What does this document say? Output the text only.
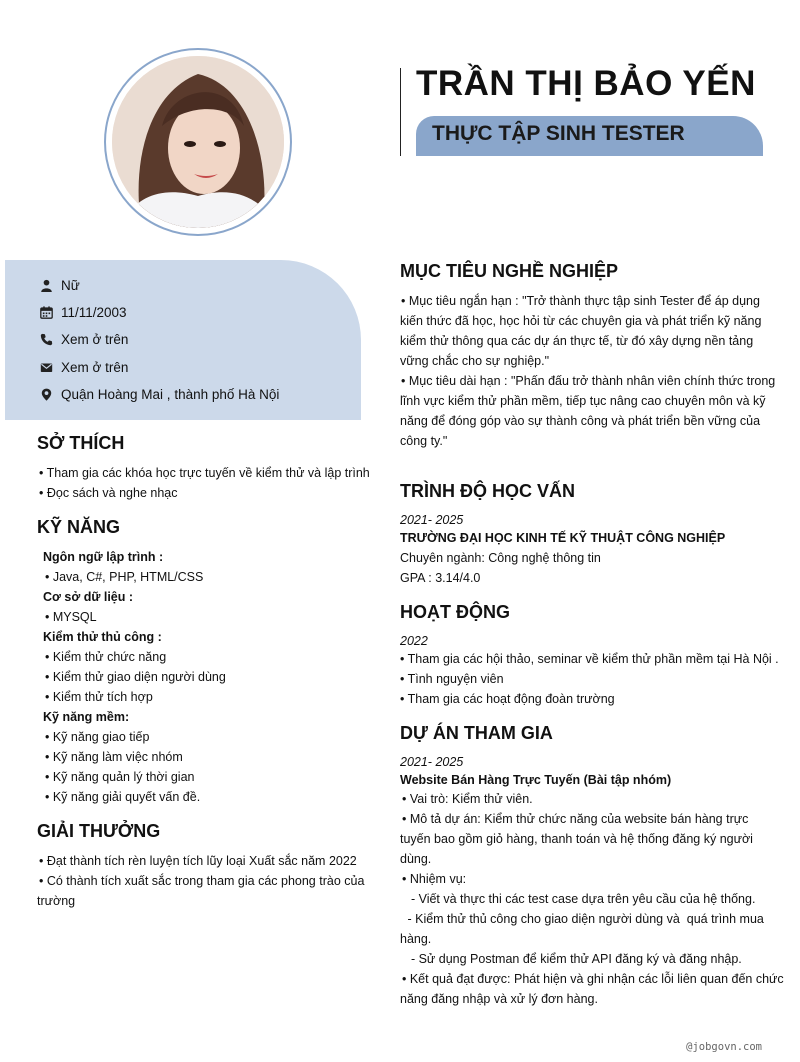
TRẦN THỊ BẢO YẾN
THỰC TẬP SINH TESTER
Nữ
11/11/2003
Xem ở trên
Xem ở trên
Quận Hoàng Mai , thành phố Hà Nội
SỞ THÍCH
• Tham gia các khóa học trực tuyến về kiểm thử và lập trình
• Đọc sách và nghe nhạc
KỸ NĂNG
Ngôn ngữ lập trình :
• Java, C#, PHP, HTML/CSS
Cơ sở dữ liệu :
• MYSQL
Kiểm thử thủ công :
• Kiểm thử chức năng
• Kiểm thử giao diện người dùng
• Kiểm thử tích hợp
Kỹ năng mềm:
• Kỹ năng giao tiếp
• Kỹ năng làm việc nhóm
• Kỹ năng quản lý thời gian
• Kỹ năng giải quyết vấn đề.
GIẢI THƯỞNG
• Đạt thành tích rèn luyện tích lũy loại Xuất sắc năm 2022
• Có thành tích xuất sắc trong tham gia các phong trào của
trường
MỤC TIÊU NGHỀ NGHIỆP
• Mục tiêu ngắn hạn : "Trở thành thực tập sinh Tester để áp dụng
kiến thức đã học, học hỏi từ các chuyên gia và phát triển kỹ năng
kiểm thử thông qua các dự án thực tế, từ đó xây dựng nền tảng
vững chắc cho sự nghiệp."
• Mục tiêu dài hạn : "Phấn đấu trở thành nhân viên chính thức trong
lĩnh vực kiểm thử phần mềm, tiếp tục nâng cao chuyên môn và kỹ
năng để đóng góp vào sự thành công và phát triển bền vững của
công ty."
TRÌNH ĐỘ HỌC VẤN
2021- 2025
TRƯỜNG ĐẠI HỌC KINH TẾ KỸ THUẬT CÔNG NGHIỆP
Chuyên ngành: Công nghệ thông tin
GPA : 3.14/4.0
HOẠT ĐỘNG
2022
• Tham gia các hội thảo, seminar về kiểm thử phần mềm tại Hà Nội .
• Tình nguyện viên
• Tham gia các hoạt động đoàn trường
DỰ ÁN THAM GIA
2021- 2025
Website Bán Hàng Trực Tuyến (Bài tập nhóm)
• Vai trò: Kiểm thử viên.
• Mô tả dự án: Kiểm thử chức năng của website bán hàng trực
tuyến bao gồm giỏ hàng, thanh toán và hệ thống đăng ký người
dùng.
• Nhiệm vụ:
- Viết và thực thi các test case dựa trên yêu cầu của hệ thống.
- Kiểm thử thủ công cho giao diện người dùng và  quá trình mua
hàng.
- Sử dụng Postman để kiểm thử API đăng ký và đăng nhập.
• Kết quả đạt được: Phát hiện và ghi nhận các lỗi liên quan đến chức
năng đăng nhập và xử lý đơn hàng.
@jobgovn.com
